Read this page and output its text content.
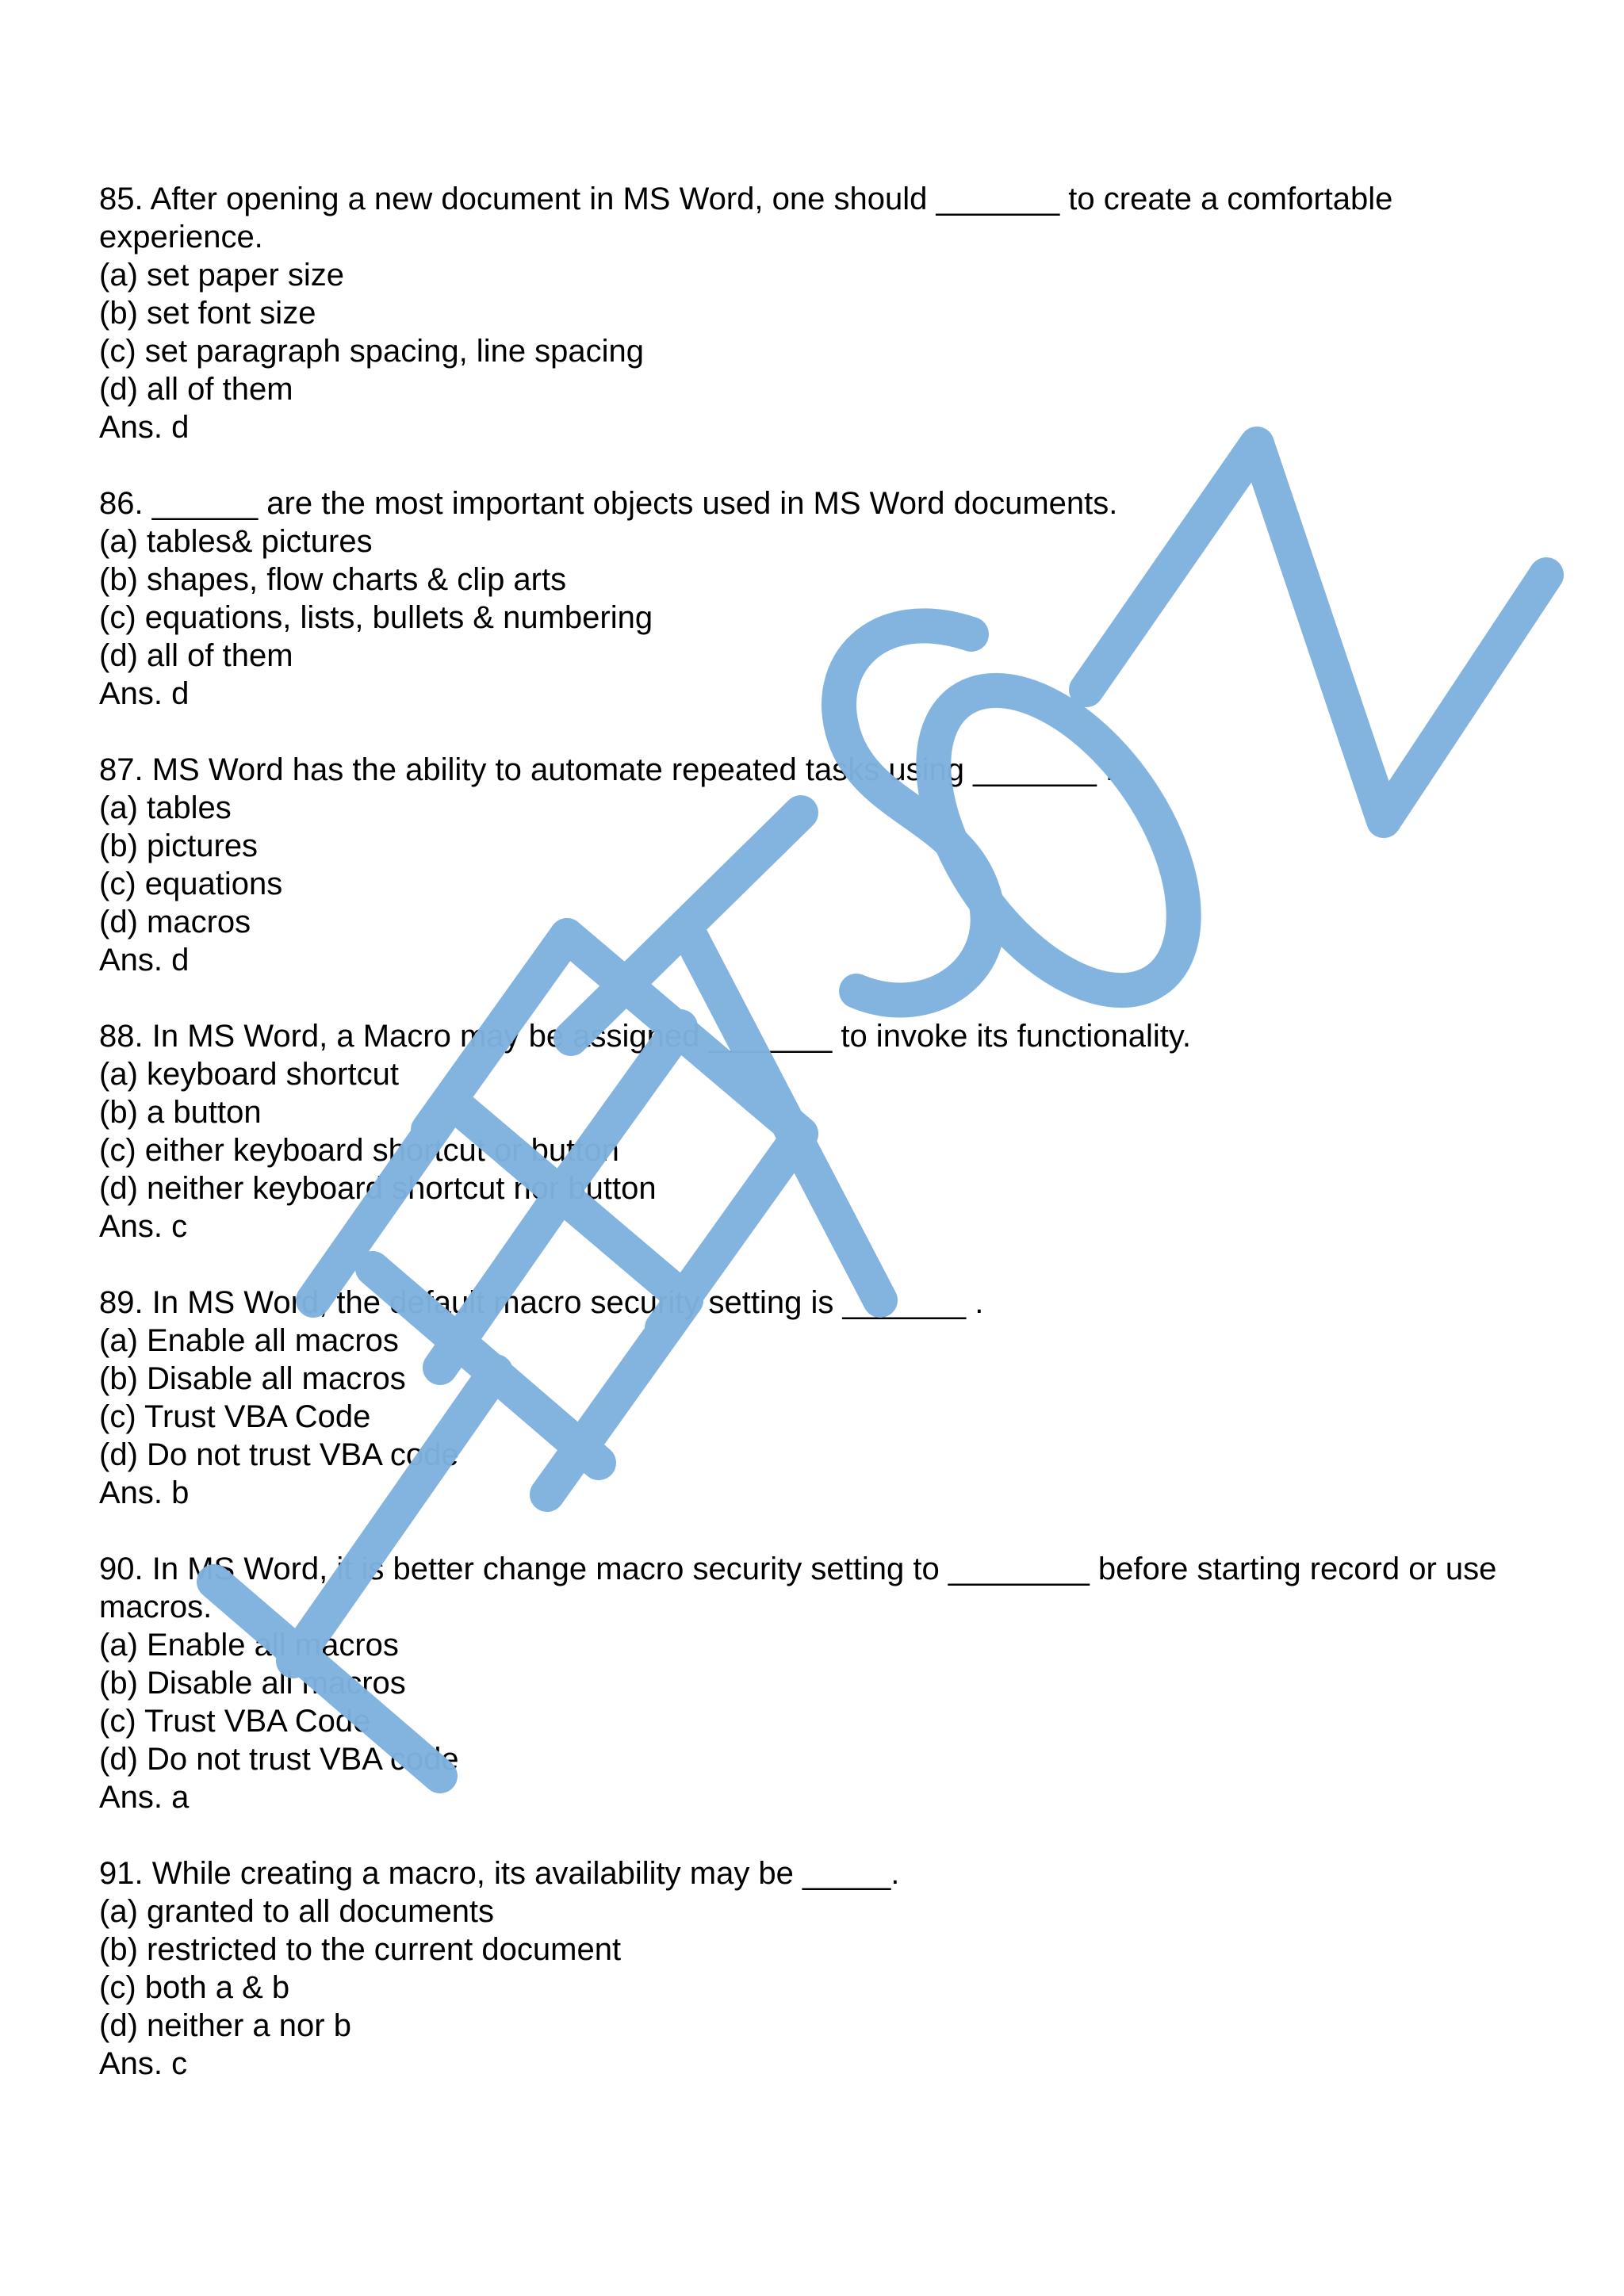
85. After opening a new document in MS Word, one should _______ to create a comfortable experience.
(a) set paper size
(b) set font size
(c) set paragraph spacing, line spacing
(d) all of them
Ans. d
86. ______ are the most important objects used in MS Word documents.
(a) tables& pictures
(b) shapes, flow charts & clip arts
(c) equations, lists, bullets & numbering
(d) all of them
Ans. d
87. MS Word has the ability to automate repeated tasks using _______ .
(a) tables
(b) pictures
(c) equations
(d) macros
Ans. d
88. In MS Word, a Macro may be assigned _______ to invoke its functionality.
(a) keyboard shortcut
(b) a button
(c) either keyboard shortcut or button
(d) neither keyboard shortcut nor button
Ans. c
89. In MS Word, the default macro security setting is _______ .
(a) Enable all macros
(b) Disable all macros
(c) Trust VBA Code
(d) Do not trust VBA code
Ans. b
90. In MS Word, it is better change macro security setting to ________ before starting record or use macros.
(a) Enable all macros
(b) Disable all macros
(c) Trust VBA Code
(d) Do not trust VBA code
Ans. a
91. While creating a macro, its availability may be _____.
(a) granted to all documents
(b) restricted to the current document
(c) both a & b
(d) neither a nor b
Ans. c
